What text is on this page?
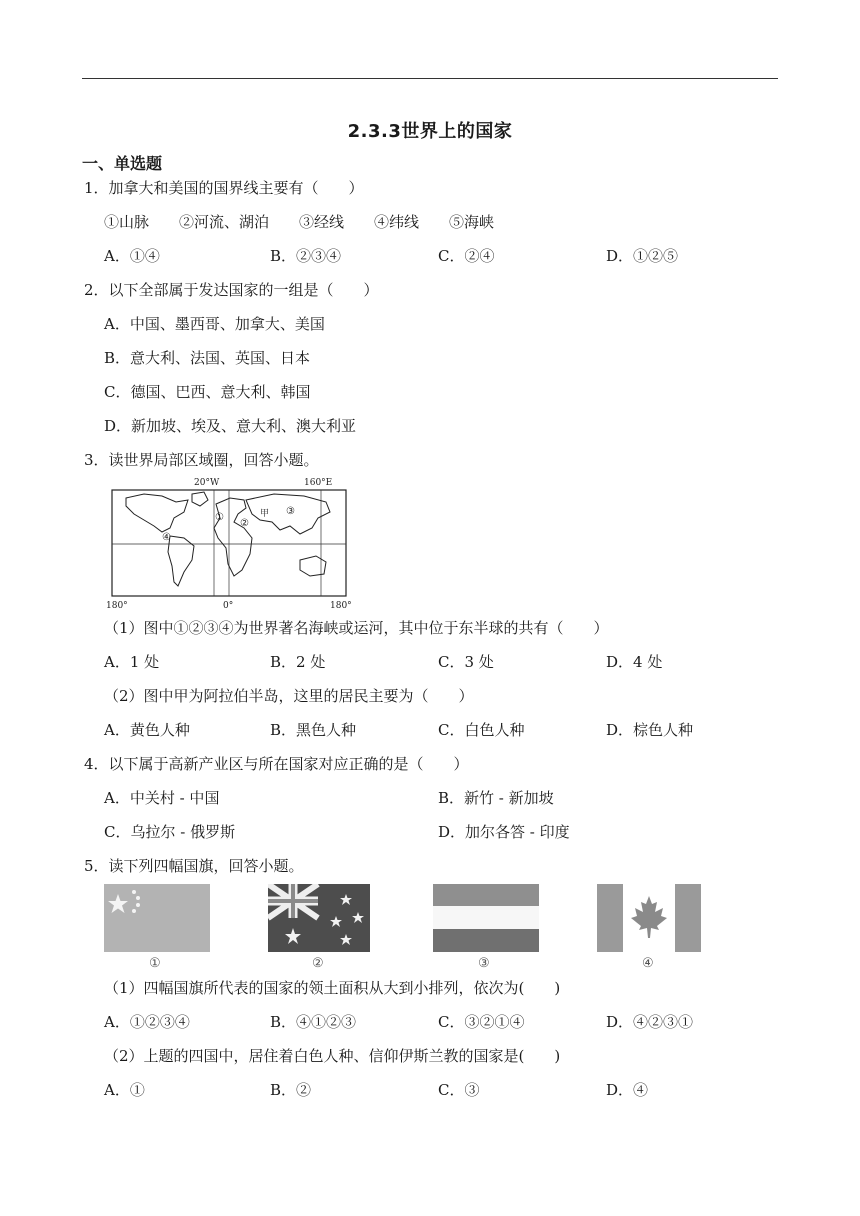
2.3.3世界上的国家
一、单选题
1．加拿大和美国的国界线主要有（　　）
①山脉　　②河流、湖泊　　③经线　　④纬线　　⑤海峡
A．①④	B．②③④	C．②④	D．①②⑤
2．以下全部属于发达国家的一组是（　　）
A．中国、墨西哥、加拿大、美国
B．意大利、法国、英国、日本
C．德国、巴西、意大利、韩国
D．新加坡、埃及、意大利、澳大利亚
3．读世界局部区域圈，回答小题。
20°W	160°E
180°	0°	180°
①
②
③
④
甲
（1）图中①②③④为世界著名海峡或运河，其中位于东半球的共有（　　）
A．1 处	B．2 处	C．3 处	D．4 处
（2）图中甲为阿拉伯半岛，这里的居民主要为（　　）
A．黄色人种	B．黑色人种	C．白色人种	D．棕色人种
4．以下属于高新产业区与所在国家对应正确的是（　　）
A．中关村 - 中国	B．新竹 - 新加坡
C．乌拉尔 - 俄罗斯	D．加尔各答 - 印度
5．读下列四幅国旗，回答小题。
①	②	③	④
（1）四幅国旗所代表的国家的领土面积从大到小排列，依次为(　　)
A．①②③④	B．④①②③	C．③②①④	D．④②③①
（2）上题的四国中，居住着白色人种、信仰伊斯兰教的国家是(　　)
A．①	B．②	C．③	D．④
